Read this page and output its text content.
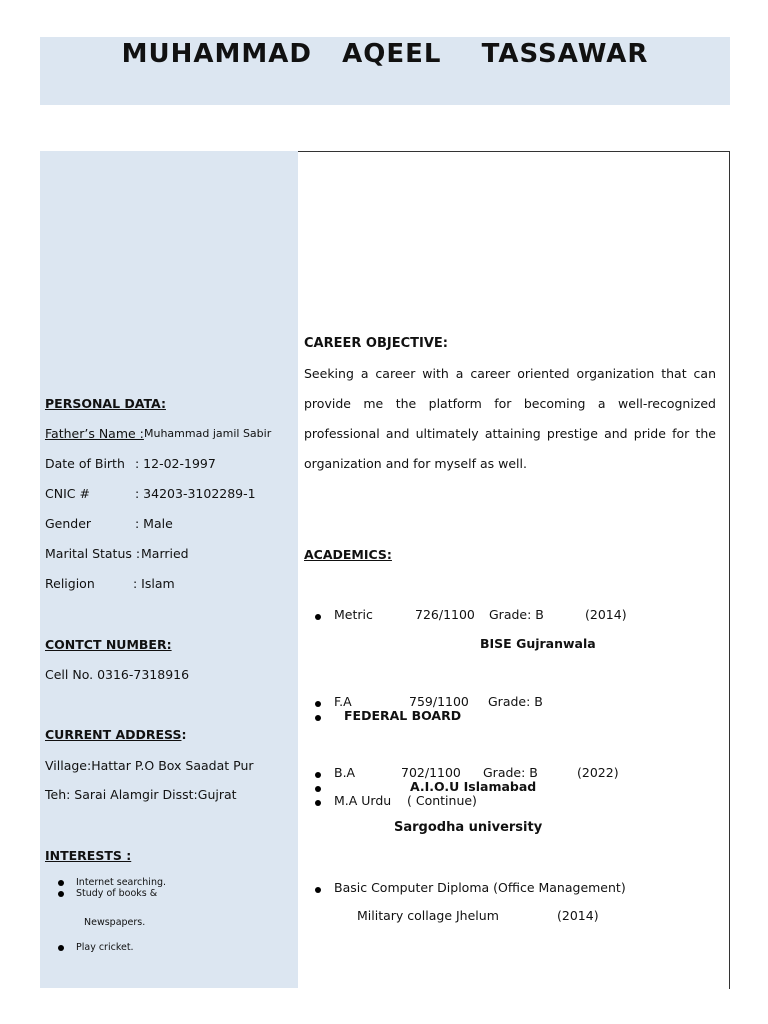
MUHAMMAD   AQEEL    TASSAWAR
PERSONAL DATA:
Father’s Name : Muhammad jamil Sabir
Date of Birth : 12-02-1997
CNIC #	: 34203-3102289-1
Gender	: Male
Marital Status : Married
Religion	: Islam
CONTCT NUMBER:
Cell No. 0316-7318916
CURRENT ADDRESS:
Village:Hattar P.O Box Saadat Pur
Teh: Sarai Alamgir Disst:Gujrat
INTERESTS :
Internet searching.
Study of books &
Newspapers.
Play cricket.
CAREER OBJECTIVE:
Seeking a career with a career oriented organization that can provide me the platform for becoming a well-recognized professional and ultimately attaining prestige and pride for the organization and for myself as well.
ACADEMICS:
Metric	726/1100 Grade: B	(2014)
BISE Gujranwala
F.A	759/1100 Grade: B
FEDERAL BOARD
B.A	702/1100 Grade: B	(2022)
A.I.O.U Islamabad
M.A Urdu ( Continue)
Sargodha university
Basic Computer Diploma (Office Management)
Military collage Jhelum	(2014)
